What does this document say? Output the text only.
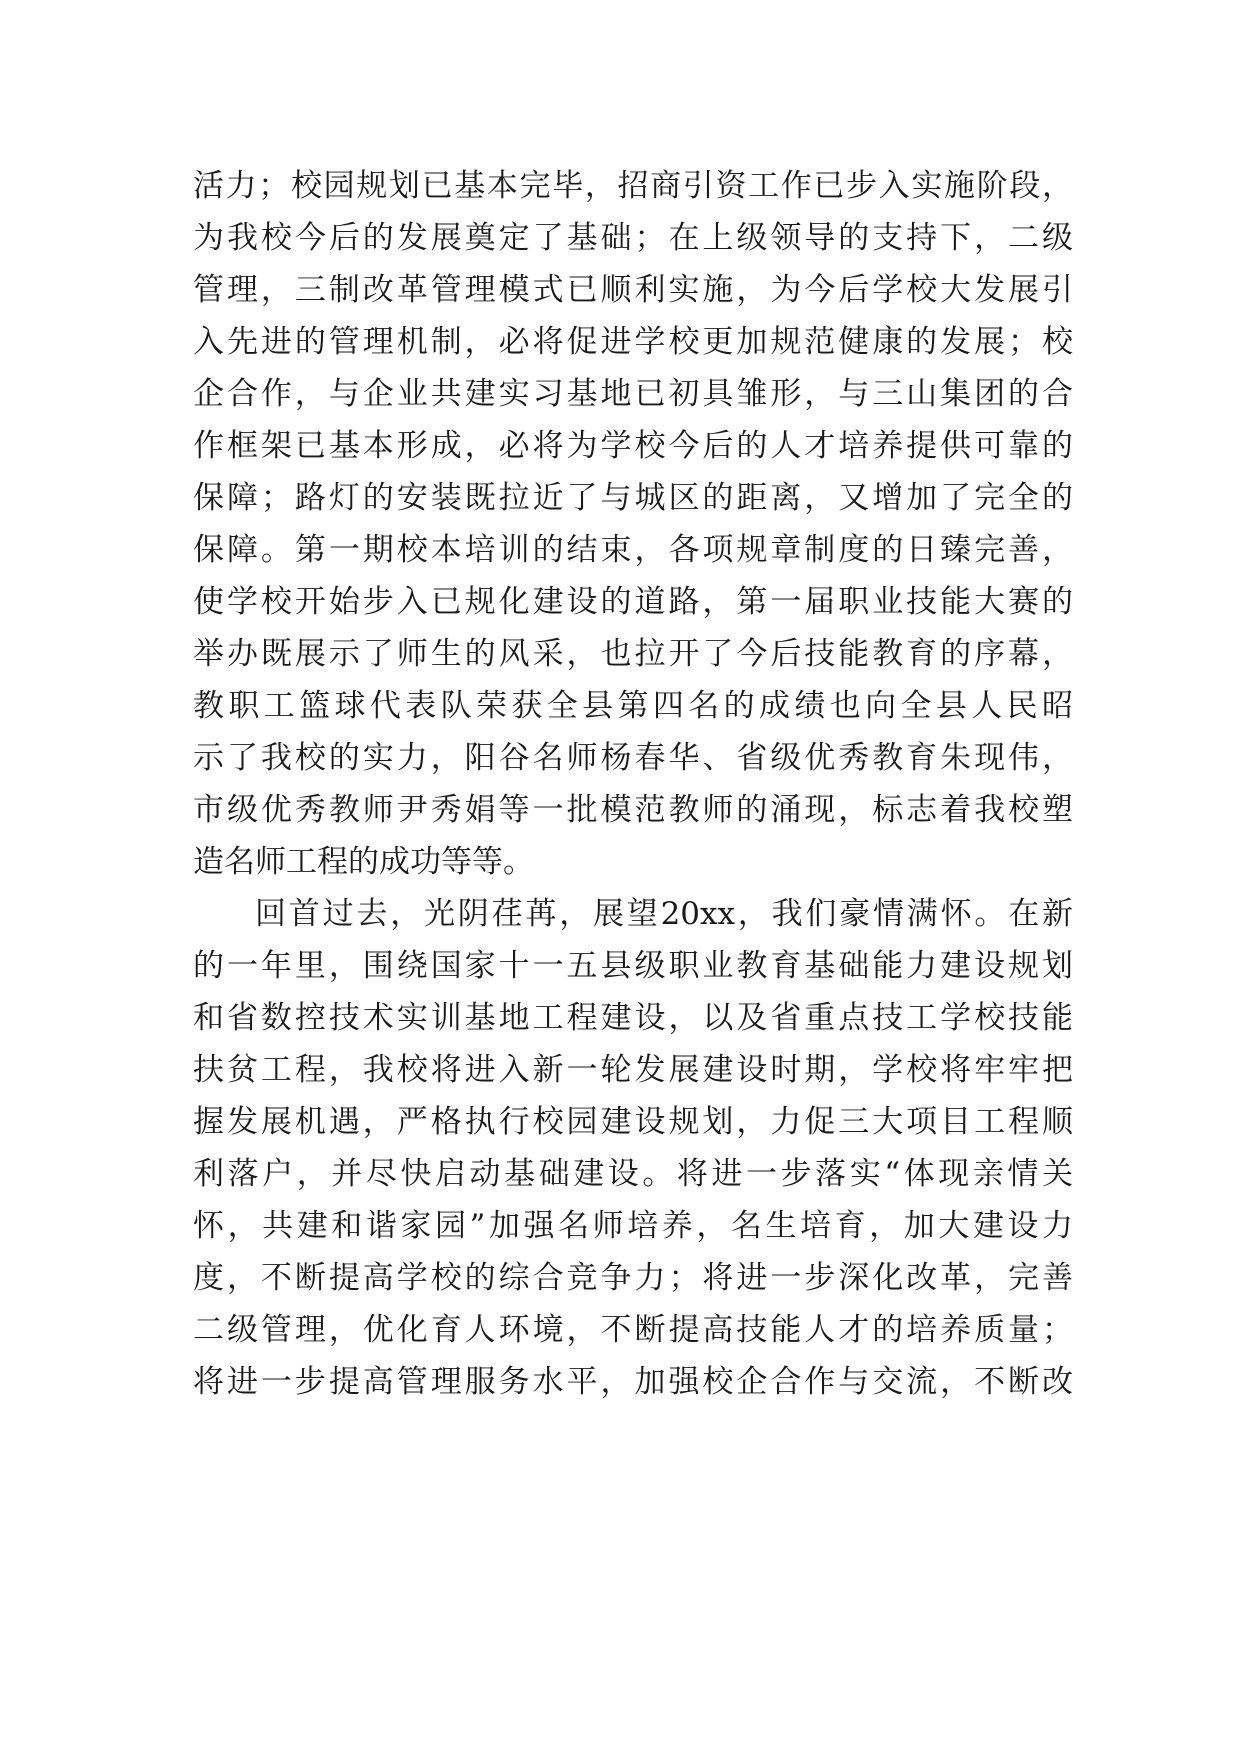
活力；校园规划已基本完毕，招商引资工作已步入实施阶段，
为我校今后的发展奠定了基础；在上级领导的支持下，二级
管理，三制改革管理模式已顺利实施，为今后学校大发展引
入先进的管理机制，必将促进学校更加规范健康的发展；校
企合作，与企业共建实习基地已初具雏形，与三山集团的合
作框架已基本形成，必将为学校今后的人才培养提供可靠的
保障；路灯的安装既拉近了与城区的距离，又增加了完全的
保障。第一期校本培训的结束，各项规章制度的日臻完善，
使学校开始步入已规化建设的道路，第一届职业技能大赛的
举办既展示了师生的风采，也拉开了今后技能教育的序幕，
教职工篮球代表队荣获全县第四名的成绩也向全县人民昭
示了我校的实力，阳谷名师杨春华、省级优秀教育朱现伟，
市级优秀教师尹秀娟等一批模范教师的涌现，标志着我校塑
造名师工程的成功等等。
回首过去，光阴荏苒，展望20xx，我们豪情满怀。在新
的一年里，围绕国家十一五县级职业教育基础能力建设规划
和省数控技术实训基地工程建设，以及省重点技工学校技能
扶贫工程，我校将进入新一轮发展建设时期，学校将牢牢把
握发展机遇，严格执行校园建设规划，力促三大项目工程顺
利落户，并尽快启动基础建设。将进一步落实“体现亲情关
怀，共建和谐家园”加强名师培养，名生培育，加大建设力
度，不断提高学校的综合竞争力；将进一步深化改革，完善
二级管理，优化育人环境，不断提高技能人才的培养质量；
将进一步提高管理服务水平，加强校企合作与交流，不断改
